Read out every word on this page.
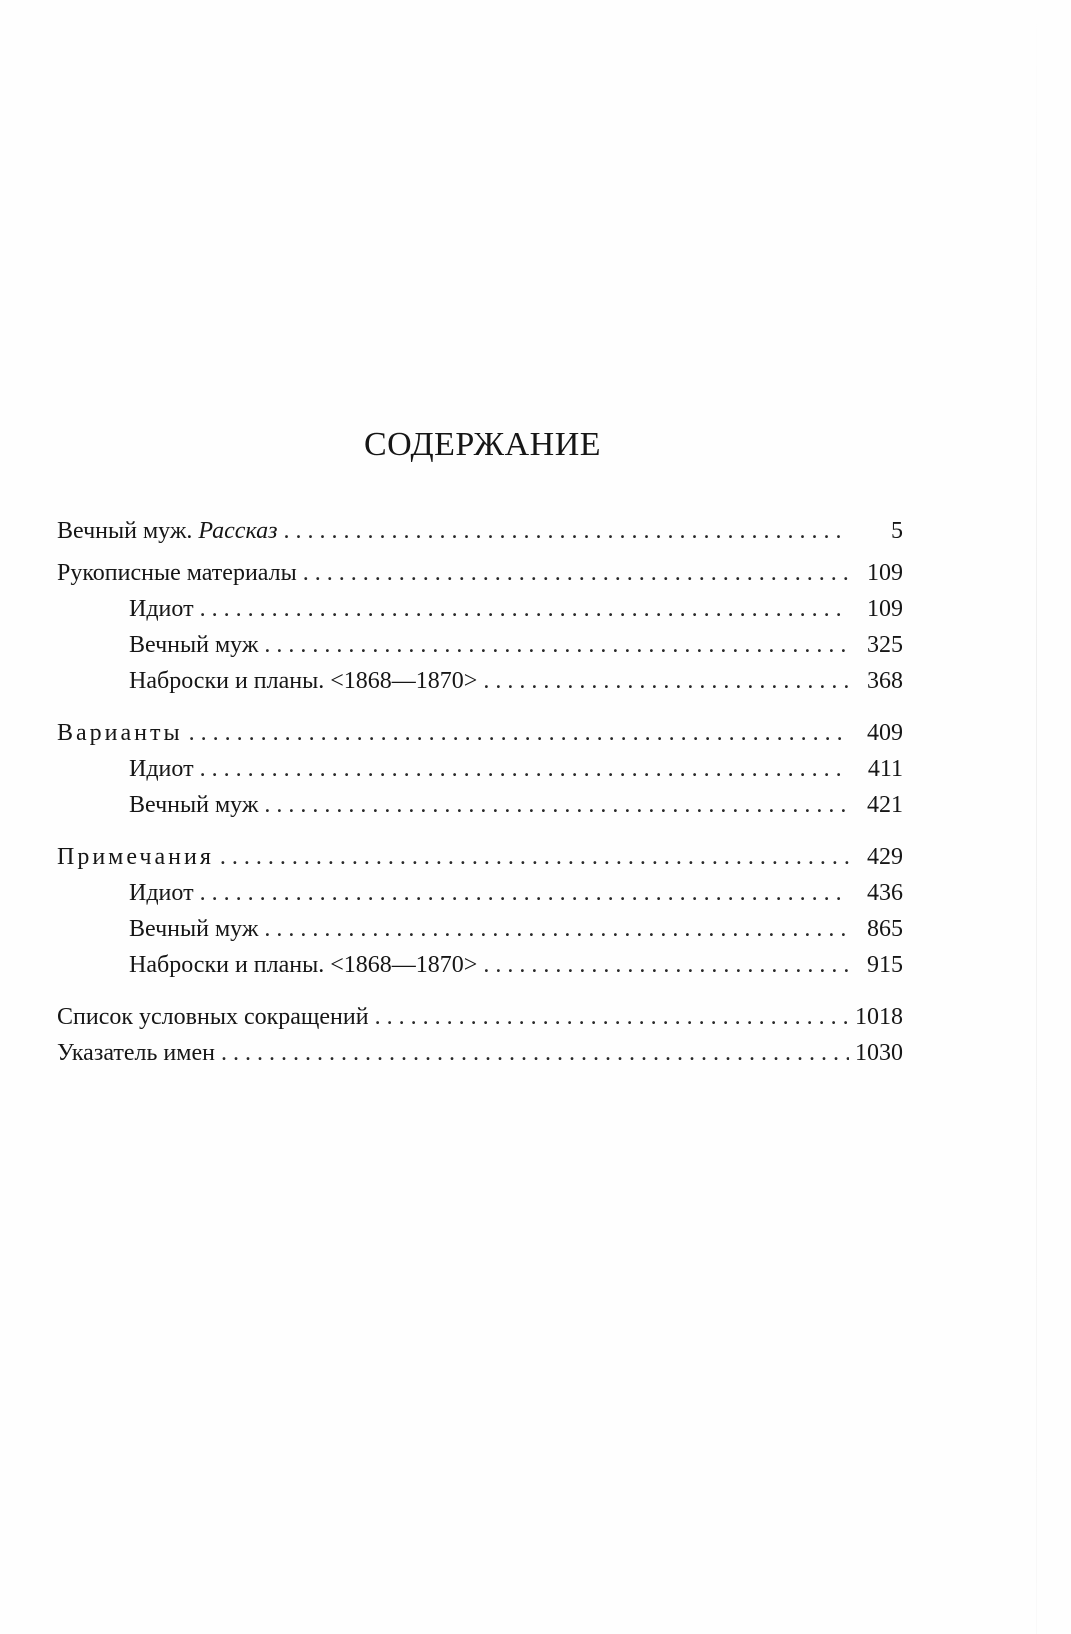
СОДЕРЖАНИЕ
Вечный муж. Рассказ . . .	5
Рукописные материалы . . .	109
Идиот . . .	109
Вечный муж . . .	325
Наброски и планы. <1868—1870> . . .	368
Варианты . . .	409
Идиот . . .	411
Вечный муж . . .	421
Примечания . . .	429
Идиот . . .	436
Вечный муж . . .	865
Наброски и планы. <1868—1870> . . .	915
Список условных сокращений . . .	1018
Указатель имен . . .	1030
